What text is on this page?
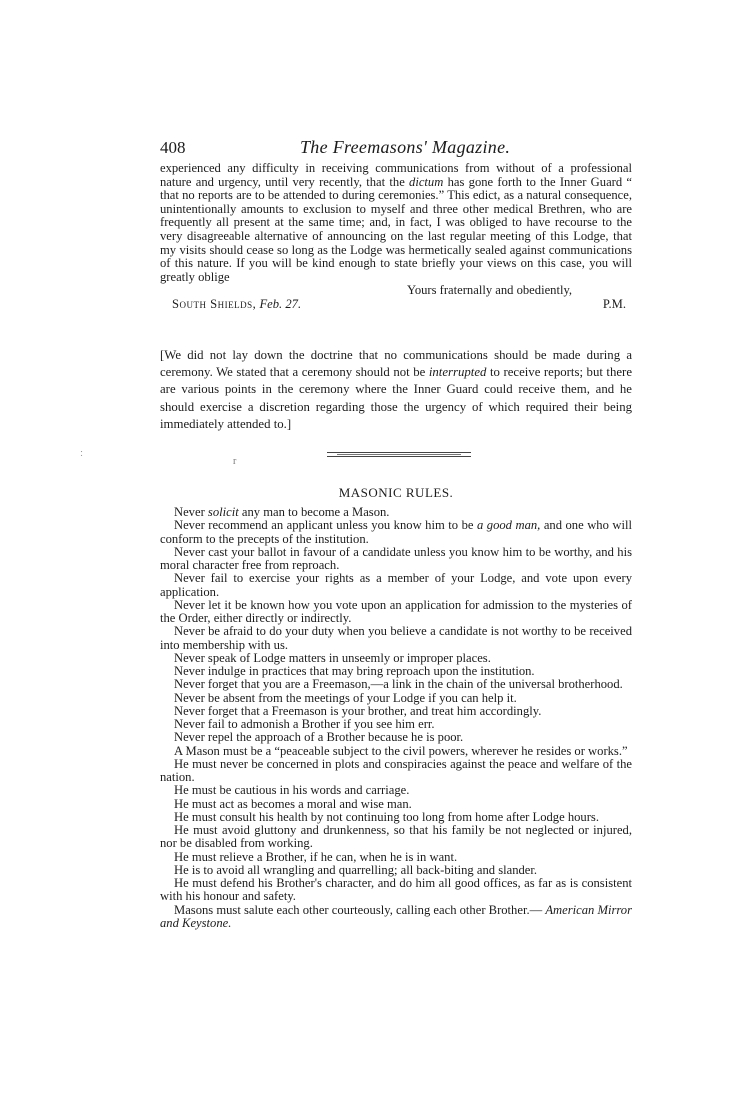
408	The Freemasons' Magazine.

experienced any difficulty in receiving communications from without of a professional nature and urgency, until very recently, that the dictum has gone forth to the Inner Guard “ that no reports are to be attended to during ceremonies.” This edict, as a natural consequence, unintentionally amounts to exclusion to myself and three other medical Brethren, who are frequently all present at the same time; and, in fact, I was obliged to have recourse to the very disagreeable alternative of announcing on the last regular meeting of this Lodge, that my visits should cease so long as the Lodge was hermetically sealed against communications of this nature. If you will be kind enough to state briefly your views on this case, you will greatly oblige

Yours fraternally and obediently,
South Shields, Feb. 27.	P.M.

[We did not lay down the doctrine that no communications should be made during a ceremony. We stated that a ceremony should not be interrupted to receive reports; but there are various points in the ceremony where the Inner Guard could receive them, and he should exercise a discretion regarding those the urgency of which required their being immediately attended to.]

ː
r
MASONIC RULES.

Never solicit any man to become a Mason.

Never recommend an applicant unless you know him to be a good man, and one who will conform to the precepts of the institution.

Never cast your ballot in favour of a candidate unless you know him to be worthy, and his moral character free from reproach.

Never fail to exercise your rights as a member of your Lodge, and vote upon every application.

Never let it be known how you vote upon an application for admission to the mysteries of the Order, either directly or indirectly.

Never be afraid to do your duty when you believe a candidate is not worthy to be received into membership with us.

Never speak of Lodge matters in unseemly or improper places.

Never indulge in practices that may bring reproach upon the institution.

Never forget that you are a Freemason,—a link in the chain of the universal brotherhood.

Never be absent from the meetings of your Lodge if you can help it.

Never forget that a Freemason is your brother, and treat him accordingly.

Never fail to admonish a Brother if you see him err.

Never repel the approach of a Brother because he is poor.

A Mason must be a “peaceable subject to the civil powers, wherever he resides or works.”

He must never be concerned in plots and conspiracies against the peace and welfare of the nation.

He must be cautious in his words and carriage.

He must act as becomes a moral and wise man.

He must consult his health by not continuing too long from home after Lodge hours.

He must avoid gluttony and drunkenness, so that his family be not neglected or injured, nor be disabled from working.

He must relieve a Brother, if he can, when he is in want.

He is to avoid all wrangling and quarrelling; all back-biting and slander.

He must defend his Brother's character, and do him all good offices, as far as is consistent with his honour and safety.

Masons must salute each other courteously, calling each other Brother.— American Mirror and Keystone.
